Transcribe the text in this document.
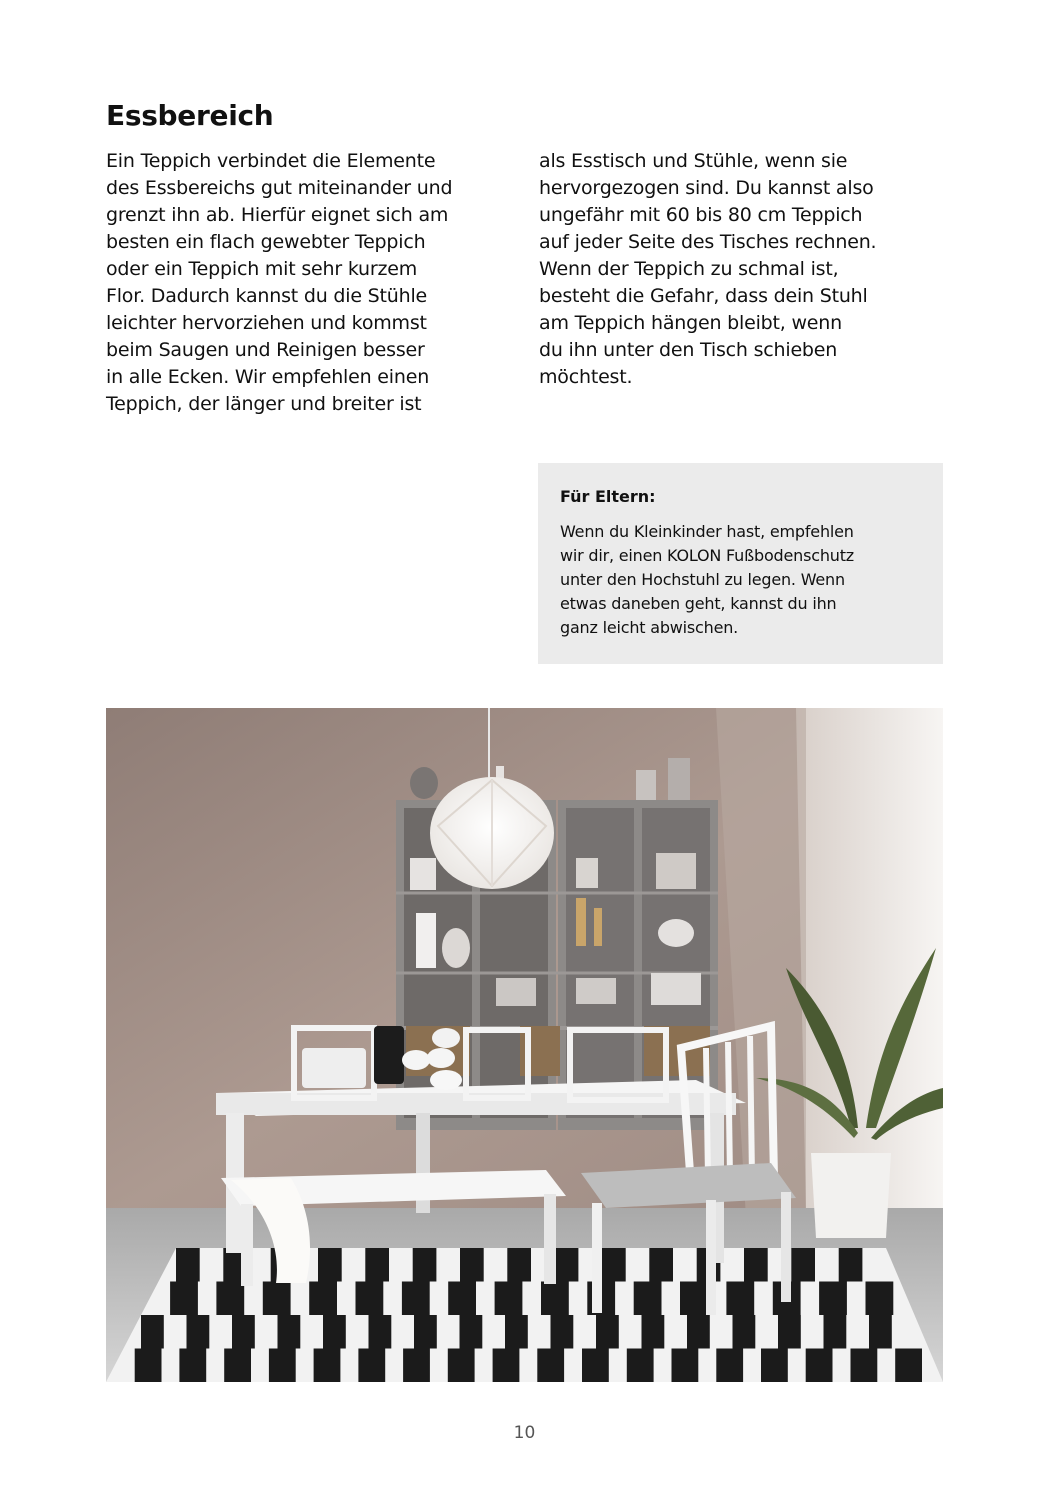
Essbereich
Ein Teppich verbindet die Elemente
des Essbereichs gut miteinander und
grenzt ihn ab. Hierfür eignet sich am
besten ein flach gewebter Teppich
oder ein Teppich mit sehr kurzem
Flor. Dadurch kannst du die Stühle
leichter hervorziehen und kommst
beim Saugen und Reinigen besser
in alle Ecken. Wir empfehlen einen
Teppich, der länger und breiter ist
als Esstisch und Stühle, wenn sie
hervorgezogen sind. Du kannst also
ungefähr mit 60 bis 80 cm Teppich
auf jeder Seite des Tisches rechnen.
Wenn der Teppich zu schmal ist,
besteht die Gefahr, dass dein Stuhl
am Teppich hängen bleibt, wenn
du ihn unter den Tisch schieben
möchtest.
Für Eltern:
Wenn du Kleinkinder hast, empfehlen
wir dir, einen KOLON Fußbodenschutz
unter den Hochstuhl zu legen. Wenn
etwas daneben geht, kannst du ihn
ganz leicht abwischen.
10
